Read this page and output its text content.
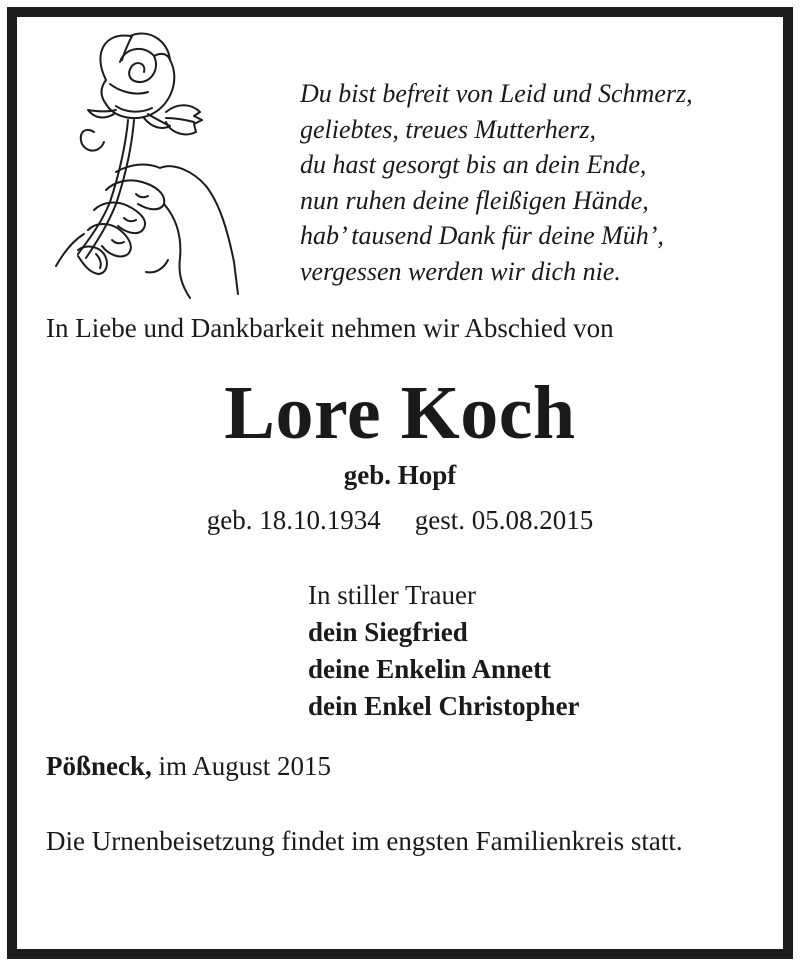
Du bist befreit von Leid und Schmerz,
geliebtes, treues Mutterherz,
du hast gesorgt bis an dein Ende,
nun ruhen deine fleißigen Hände,
hab’ tausend Dank für deine Müh’,
vergessen werden wir dich nie.
In Liebe und Dankbarkeit nehmen wir Abschied von
Lore Koch
geb. Hopf
geb. 18.10.1934 gest. 05.08.2015
In stiller Trauer
dein Siegfried
deine Enkelin Annett
dein Enkel Christopher
Pößneck, im August 2015
Die Urnenbeisetzung findet im engsten Familienkreis statt.
